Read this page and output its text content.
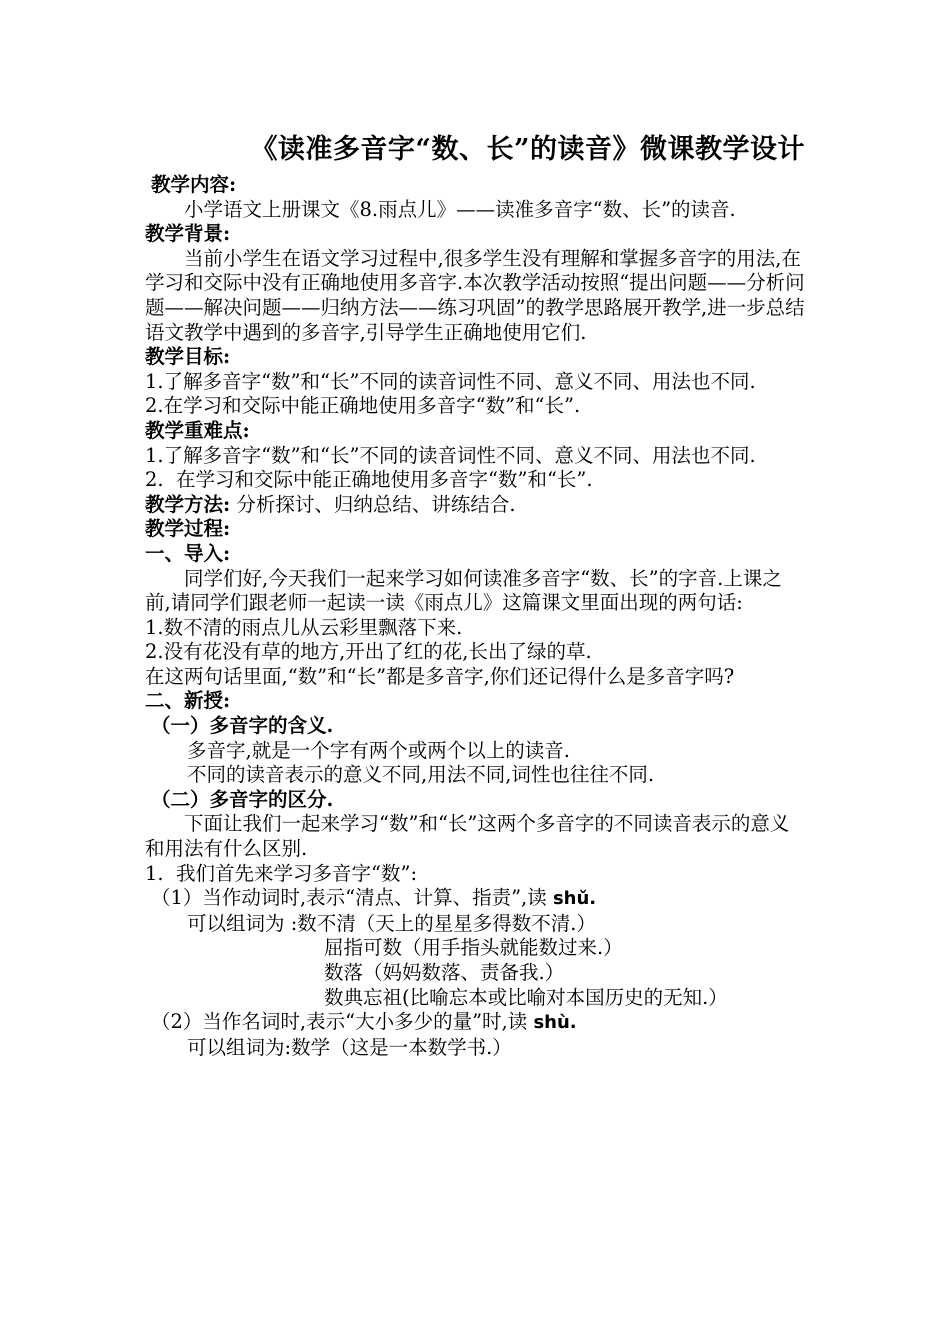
《读准多音字“数、长”的读音》微课教学设计

教学内容:

小学语文上册课文《8.雨点儿》——读准多音字“数、长”的读音.

教学背景:

当前小学生在语文学习过程中,很多学生没有理解和掌握多音字的用法,在学习和交际中没有正确地使用多音字.本次教学活动按照“提出问题——分析问题——解决问题——归纳方法——练习巩固”的教学思路展开教学,进一步总结语文教学中遇到的多音字,引导学生正确地使用它们.

教学目标:

1.了解多音字“数”和“长”不同的读音词性不同、意义不同、用法也不同.

2.在学习和交际中能正确地使用多音字“数”和“长”.

教学重难点:

1.了解多音字“数”和“长”不同的读音词性不同、意义不同、用法也不同.

2.  在学习和交际中能正确地使用多音字“数”和“长”.

教学方法: 分析探讨、归纳总结、讲练结合.

教学过程:

一、导入:

同学们好,今天我们一起来学习如何读准多音字“数、长”的字音.上课之前,请同学们跟老师一起读一读《雨点儿》这篇课文里面出现的两句话:

1.数不清的雨点儿从云彩里飘落下来.

2.没有花没有草的地方,开出了红的花,长出了绿的草.

在这两句话里面,“数”和“长”都是多音字,你们还记得什么是多音字吗?

二、新授:

（一）多音字的含义.

多音字,就是一个字有两个或两个以上的读音.

不同的读音表示的意义不同,用法不同,词性也往往不同.

（二）多音字的区分.

下面让我们一起来学习“数”和“长”这两个多音字的不同读音表示的意义和用法有什么区别.

1.  我们首先来学习多音字“数”:

（1）当作动词时,表示“清点、计算、指责”,读 shǔ.

可以组词为 :数不清（天上的星星多得数不清.）

屈指可数（用手指头就能数过来.）

数落（妈妈数落、责备我.）

数典忘祖(比喻忘本或比喻对本国历史的无知.）

（2）当作名词时,表示“大小多少的量”时,读 shù.

可以组词为:数学（这是一本数学书.）
